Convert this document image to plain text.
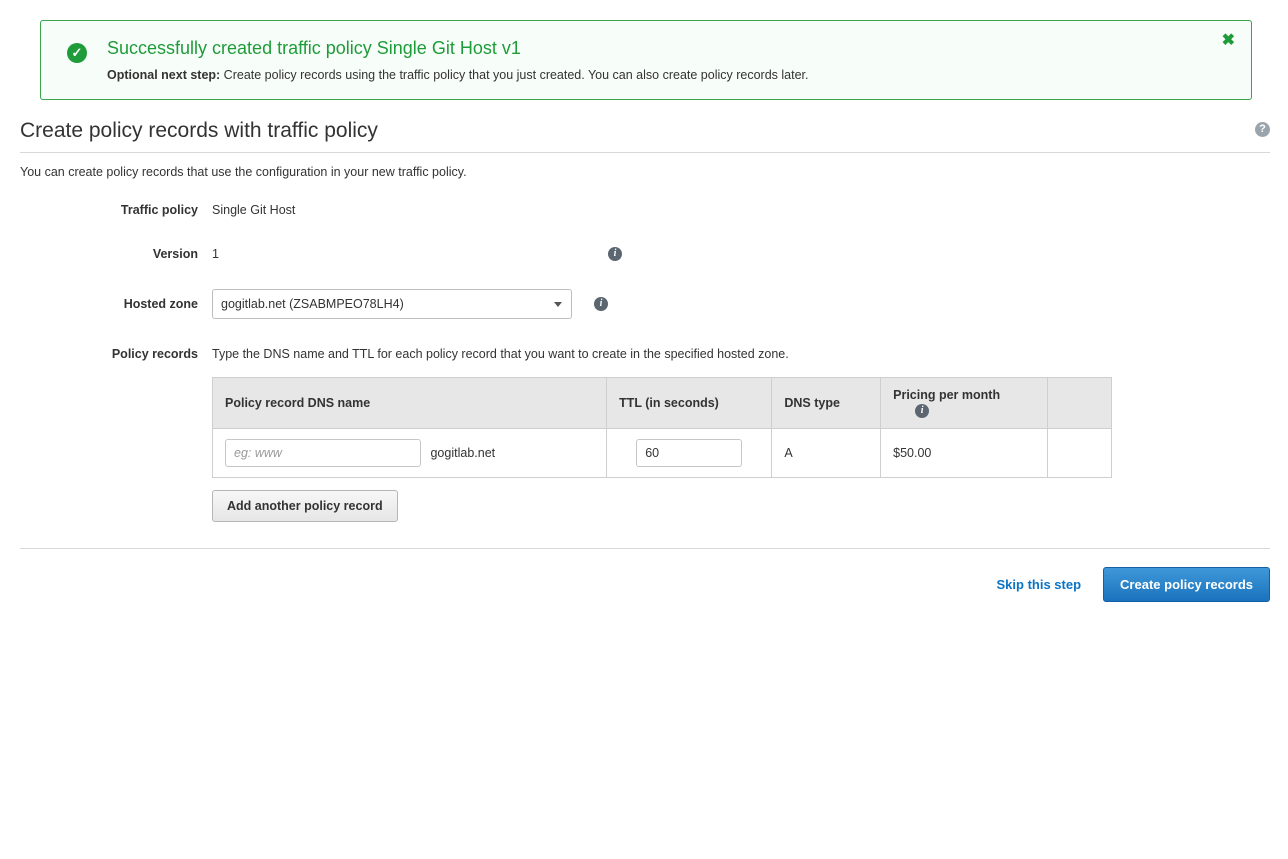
✓ Successfully created traffic policy Single Git Host v1
Optional next step: Create policy records using the traffic policy that you just created. You can also create policy records later.
✖
Create policy records with traffic policy	?
You can create policy records that use the configuration in your new traffic policy.
Traffic policy	Single Git Host
Version	1	i
Hosted zone
gogitlab.net (ZSABMPEO78LH4)	i
Policy records	Type the DNS name and TTL for each policy record that you want to create in the specified hosted zone.
Policy record DNS name	TTL (in seconds)	DNS type	Pricing per month i	
eg: www gogitlab.net	60	A	$50.00	
Add another policy record
Skip this step	Create policy records
